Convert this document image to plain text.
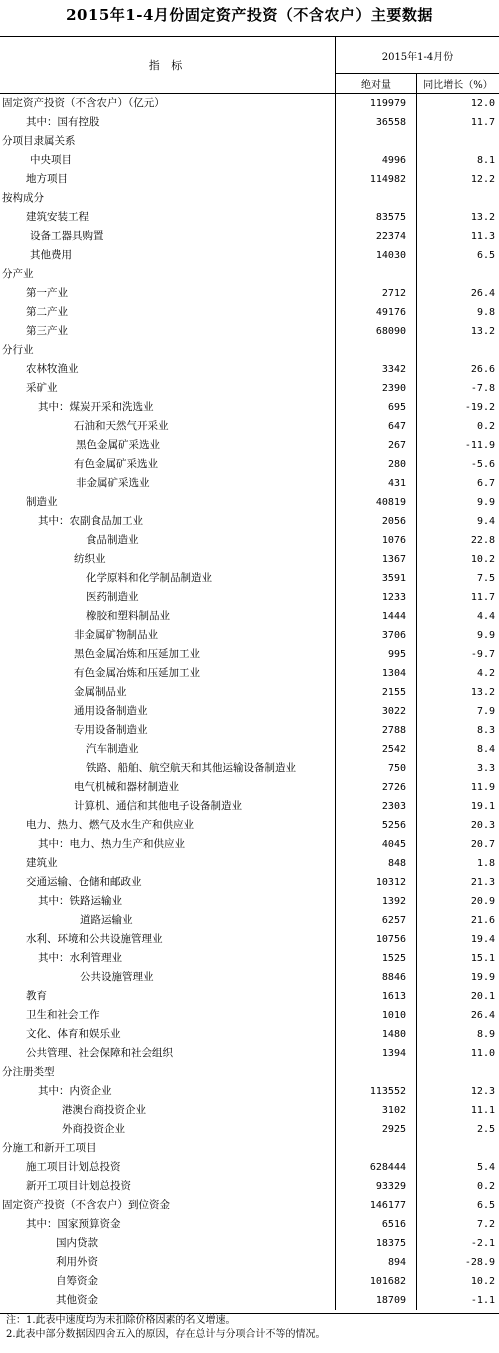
2015年1-4月份固定资产投资（不含农户）主要数据
指 标
2015年1-4月份
绝对量	同比增长（%）
固定资产投资（不含农户）（亿元）	119979	12.0
其中：国有控股	36558	11.7
分项目隶属关系
中央项目	4996	8.1
地方项目	114982	12.2
按构成分
建筑安装工程	83575	13.2
设备工器具购置	22374	11.3
其他费用	14030	6.5
分产业
第一产业	2712	26.4
第二产业	49176	9.8
第三产业	68090	13.2
分行业
农林牧渔业	3342	26.6
采矿业	2390	-7.8
其中：煤炭开采和洗选业	695	-19.2
石油和天然气开采业	647	0.2
黑色金属矿采选业	267	-11.9
有色金属矿采选业	280	-5.6
非金属矿采选业	431	6.7
制造业	40819	9.9
其中：农副食品加工业	2056	9.4
食品制造业	1076	22.8
纺织业	1367	10.2
化学原料和化学制品制造业	3591	7.5
医药制造业	1233	11.7
橡胶和塑料制品业	1444	4.4
非金属矿物制品业	3706	9.9
黑色金属冶炼和压延加工业	995	-9.7
有色金属冶炼和压延加工业	1304	4.2
金属制品业	2155	13.2
通用设备制造业	3022	7.9
专用设备制造业	2788	8.3
汽车制造业	2542	8.4
铁路、船舶、航空航天和其他运输设备制造业	750	3.3
电气机械和器材制造业	2726	11.9
计算机、通信和其他电子设备制造业	2303	19.1
电力、热力、燃气及水生产和供应业	5256	20.3
其中：电力、热力生产和供应业	4045	20.7
建筑业	848	1.8
交通运输、仓储和邮政业	10312	21.3
其中：铁路运输业	1392	20.9
道路运输业	6257	21.6
水利、环境和公共设施管理业	10756	19.4
其中：水利管理业	1525	15.1
公共设施管理业	8846	19.9
教育	1613	20.1
卫生和社会工作	1010	26.4
文化、体育和娱乐业	1480	8.9
公共管理、社会保障和社会组织	1394	11.0
分注册类型
其中：内资企业	113552	12.3
港澳台商投资企业	3102	11.1
外商投资企业	2925	2.5
分施工和新开工项目
施工项目计划总投资	628444	5.4
新开工项目计划总投资	93329	0.2
固定资产投资（不含农户）到位资金	146177	6.5
其中：国家预算资金	6516	7.2
国内贷款	18375	-2.1
利用外资	894	-28.9
自筹资金	101682	10.2
其他资金	18709	-1.1
注：1.此表中速度均为未扣除价格因素的名义增速。
2.此表中部分数据因四舍五入的原因，存在总计与分项合计不等的情况。
